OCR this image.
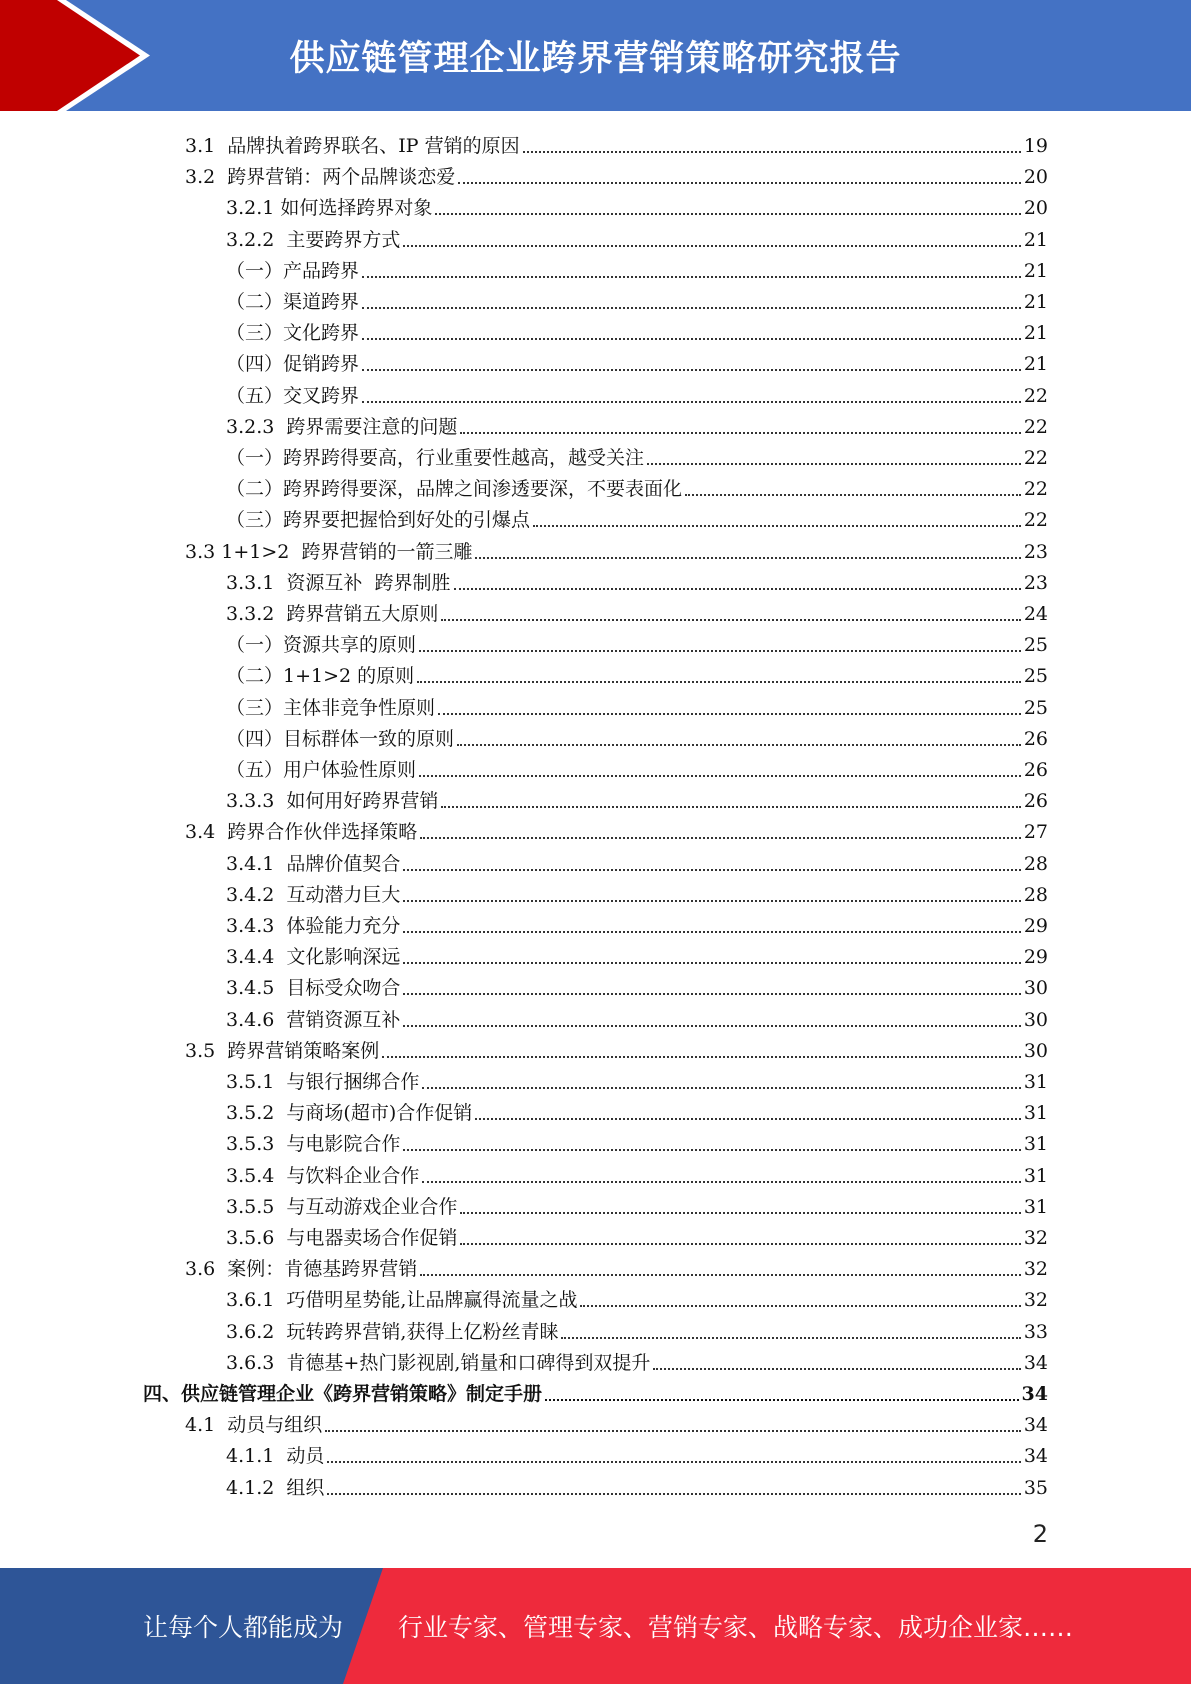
供应链管理企业跨界营销策略研究报告
3.1  品牌执着跨界联名、IP 营销的原因	19
3.2  跨界营销：两个品牌谈恋爱	20
3.2.1 如何选择跨界对象	20
3.2.2  主要跨界方式	21
（一）产品跨界	21
（二）渠道跨界	21
（三）文化跨界	21
（四）促销跨界	21
（五）交叉跨界	22
3.2.3  跨界需要注意的问题	22
（一）跨界跨得要高，行业重要性越高，越受关注	22
（二）跨界跨得要深，品牌之间渗透要深，不要表面化	22
（三）跨界要把握恰到好处的引爆点	22
3.3 1+1>2  跨界营销的一箭三雕	23
3.3.1  资源互补  跨界制胜	23
3.3.2  跨界营销五大原则	24
（一）资源共享的原则	25
（二）1+1>2 的原则	25
（三）主体非竞争性原则	25
（四）目标群体一致的原则	26
（五）用户体验性原则	26
3.3.3  如何用好跨界营销	26
3.4  跨界合作伙伴选择策略	27
3.4.1  品牌价值契合	28
3.4.2  互动潜力巨大	28
3.4.3  体验能力充分	29
3.4.4  文化影响深远	29
3.4.5  目标受众吻合	30
3.4.6  营销资源互补	30
3.5  跨界营销策略案例	30
3.5.1  与银行捆绑合作	31
3.5.2  与商场(超市)合作促销	31
3.5.3  与电影院合作	31
3.5.4  与饮料企业合作	31
3.5.5  与互动游戏企业合作	31
3.5.6  与电器卖场合作促销	32
3.6  案例：肯德基跨界营销	32
3.6.1  巧借明星势能,让品牌赢得流量之战	32
3.6.2  玩转跨界营销,获得上亿粉丝青睐	33
3.6.3  肯德基+热门影视剧,销量和口碑得到双提升	34
四、供应链管理企业《跨界营销策略》制定手册	34
4.1  动员与组织	34
4.1.1  动员	34
4.1.2  组织	35
2
让每个人都能成为 行业专家、管理专家、营销专家、战略专家、成功企业家……
